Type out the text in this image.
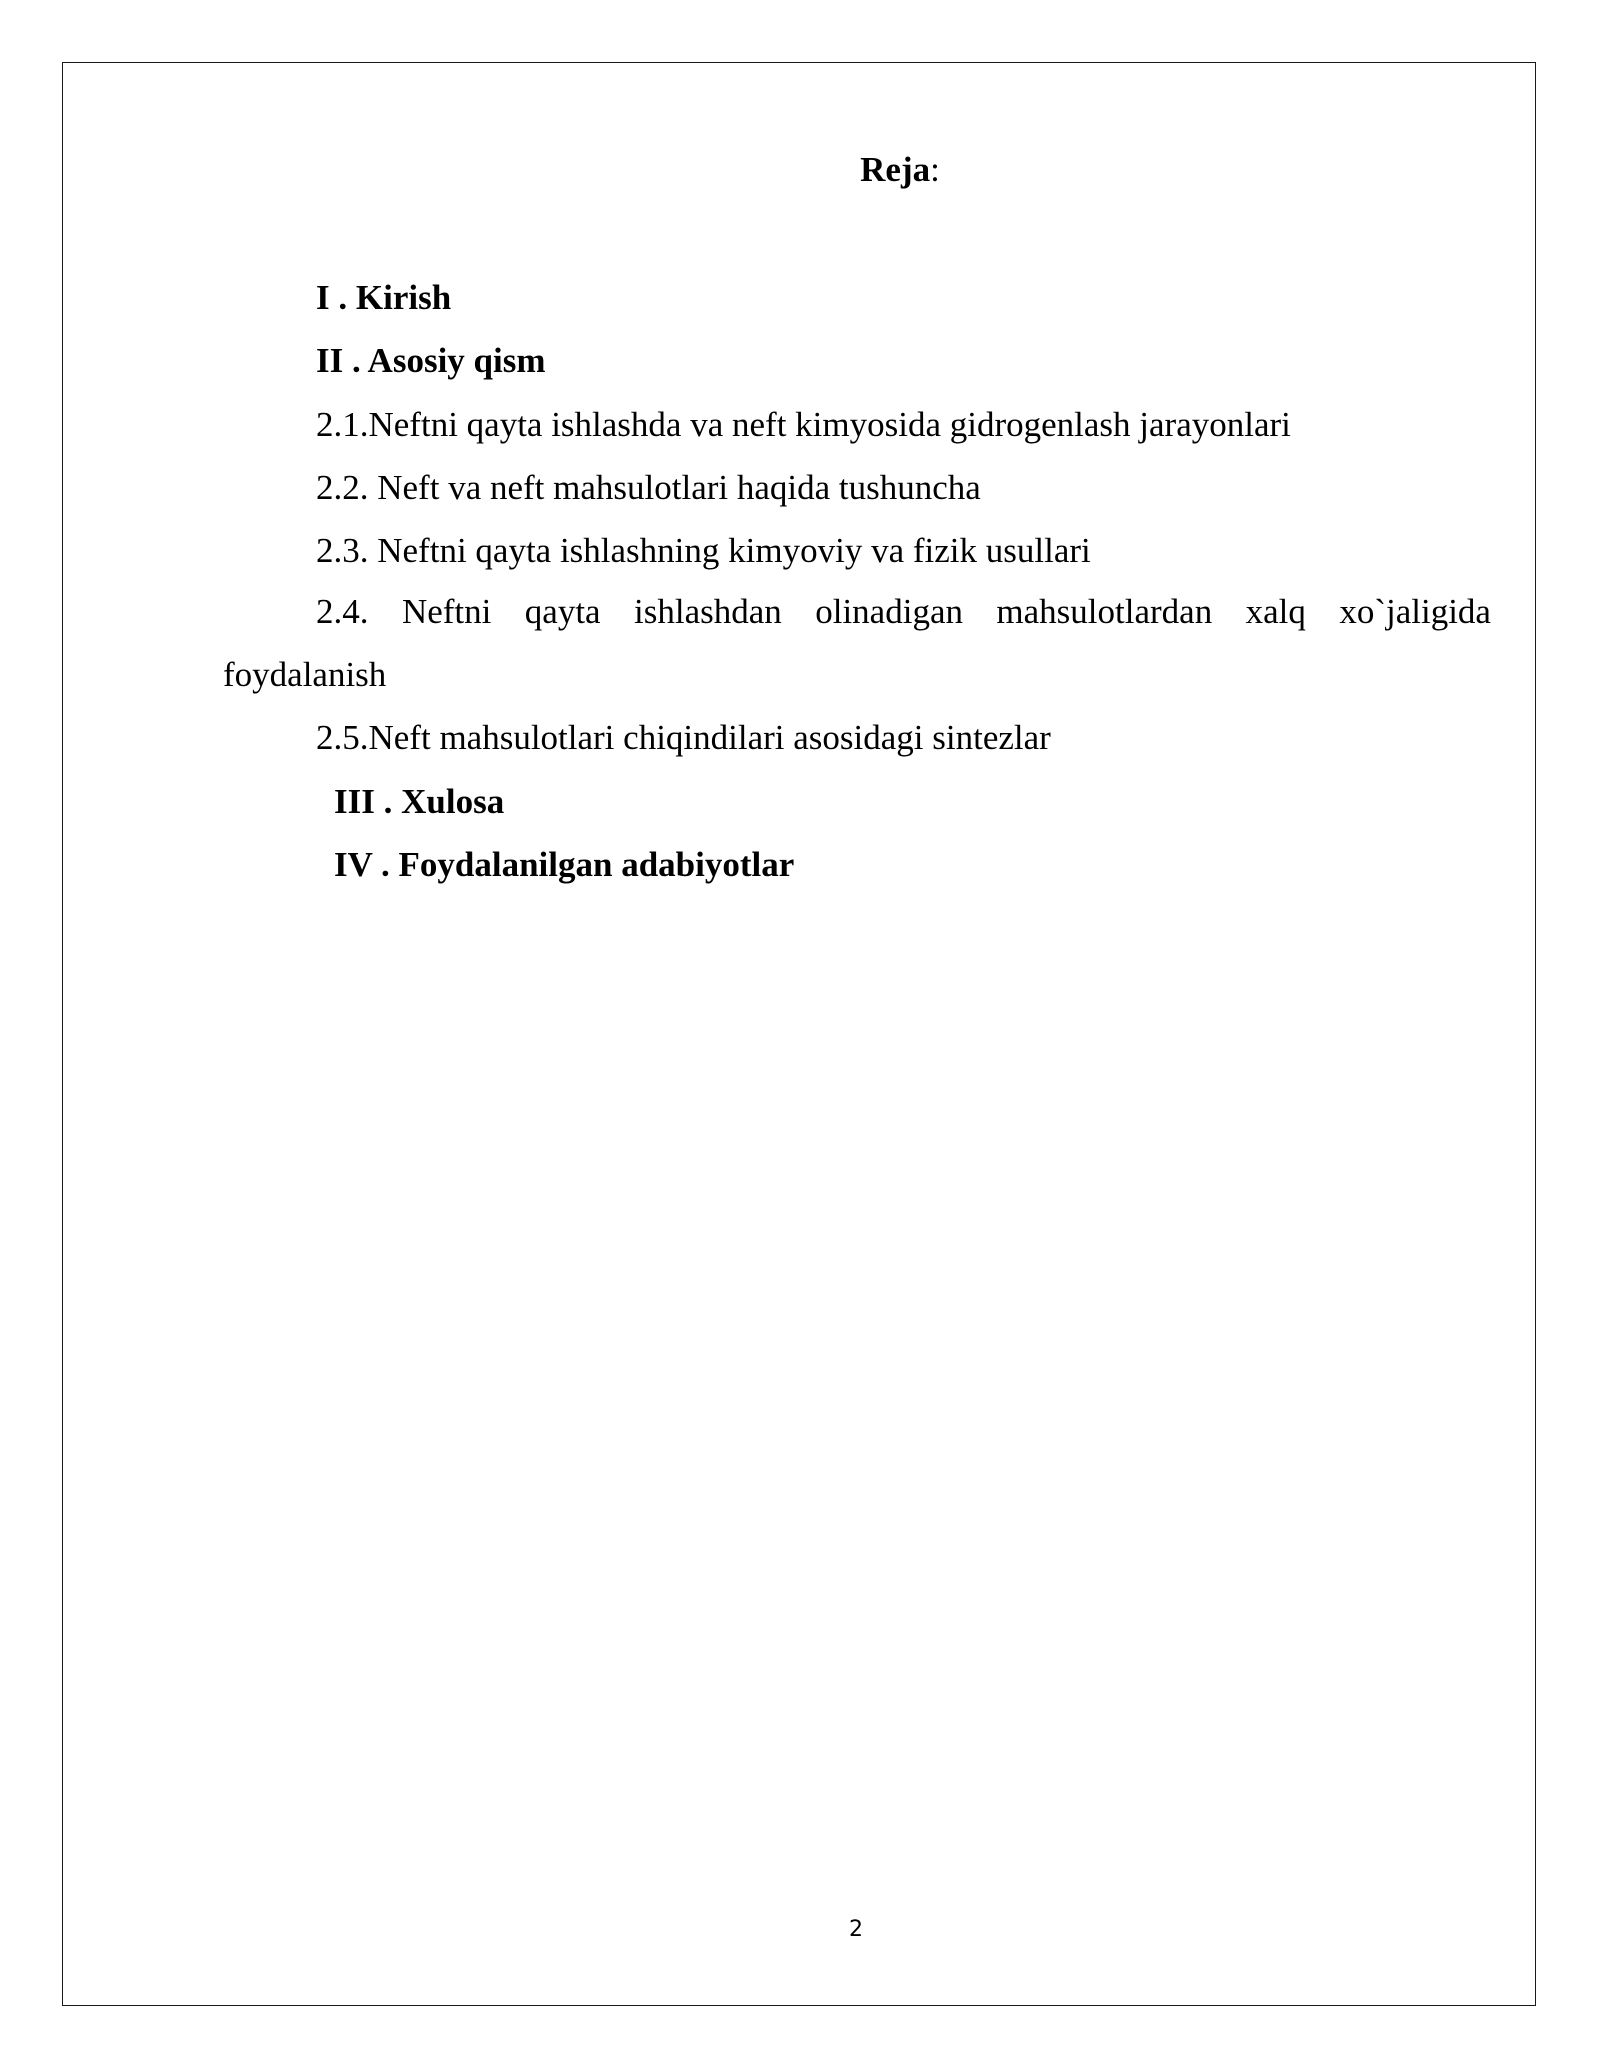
Reja:
I . Kirish
II . Asosiy qism
2.1.Neftni qayta ishlashda va neft kimyosida gidrogenlash jarayonlari
2.2. Neft va neft mahsulotlari haqida tushuncha
2.3. Neftni qayta ishlashning kimyoviy va fizik usullari
2.4. Neftni qayta ishlashdan olinadigan mahsulotlardan xalq xo`jaligida
foydalanish
2.5.Neft mahsulotlari chiqindilari asosidagi sintezlar
III . Xulosa
IV . Foydalanilgan adabiyotlar
2
